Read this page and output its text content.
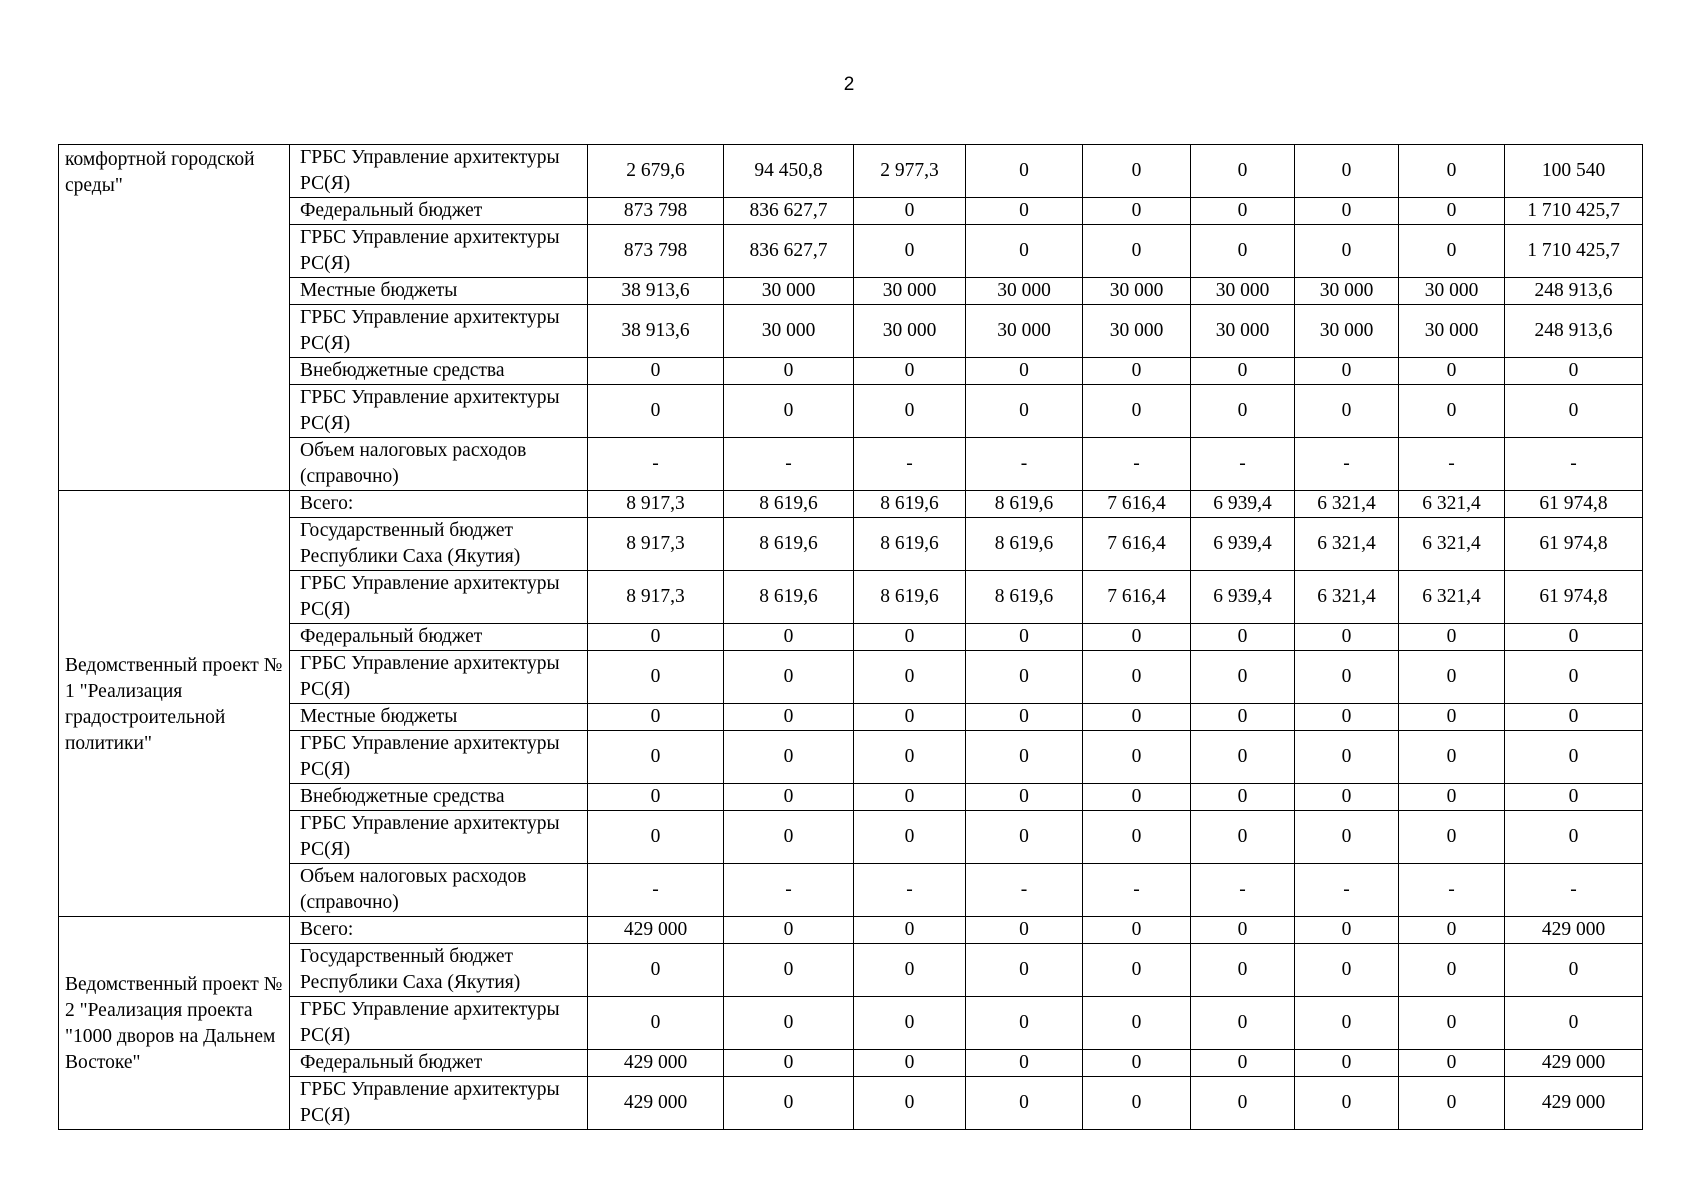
2
комфортной городской среды"	ГРБС Управление архитектуры РС(Я)	2 679,6	94 450,8	2 977,3	0	0	0	0	0	100 540
	Федеральный бюджет	873 798	836 627,7	0	0	0	0	0	0	1 710 425,7
	ГРБС Управление архитектуры РС(Я)	873 798	836 627,7	0	0	0	0	0	0	1 710 425,7
	Местные бюджеты	38 913,6	30 000	30 000	30 000	30 000	30 000	30 000	30 000	248 913,6
	ГРБС Управление архитектуры РС(Я)	38 913,6	30 000	30 000	30 000	30 000	30 000	30 000	30 000	248 913,6
	Внебюджетные средства	0	0	0	0	0	0	0	0	0
	ГРБС Управление архитектуры РС(Я)	0	0	0	0	0	0	0	0	0
	Объем налоговых расходов (справочно)	-	-	-	-	-	-	-	-	-
Ведомственный проект № 1 "Реализация градостроительной политики"	Всего:	8 917,3	8 619,6	8 619,6	8 619,6	7 616,4	6 939,4	6 321,4	6 321,4	61 974,8
	Государственный бюджет Республики Саха (Якутия)	8 917,3	8 619,6	8 619,6	8 619,6	7 616,4	6 939,4	6 321,4	6 321,4	61 974,8
	ГРБС Управление архитектуры РС(Я)	8 917,3	8 619,6	8 619,6	8 619,6	7 616,4	6 939,4	6 321,4	6 321,4	61 974,8
	Федеральный бюджет	0	0	0	0	0	0	0	0	0
	ГРБС Управление архитектуры РС(Я)	0	0	0	0	0	0	0	0	0
	Местные бюджеты	0	0	0	0	0	0	0	0	0
	ГРБС Управление архитектуры РС(Я)	0	0	0	0	0	0	0	0	0
	Внебюджетные средства	0	0	0	0	0	0	0	0	0
	ГРБС Управление архитектуры РС(Я)	0	0	0	0	0	0	0	0	0
	Объем налоговых расходов (справочно)	-	-	-	-	-	-	-	-	-
Ведомственный проект № 2 "Реализация проекта "1000 дворов на Дальнем Востоке"	Всего:	429 000	0	0	0	0	0	0	0	429 000
	Государственный бюджет Республики Саха (Якутия)	0	0	0	0	0	0	0	0	0
	ГРБС Управление архитектуры РС(Я)	0	0	0	0	0	0	0	0	0
	Федеральный бюджет	429 000	0	0	0	0	0	0	0	429 000
	ГРБС Управление архитектуры РС(Я)	429 000	0	0	0	0	0	0	0	429 000
